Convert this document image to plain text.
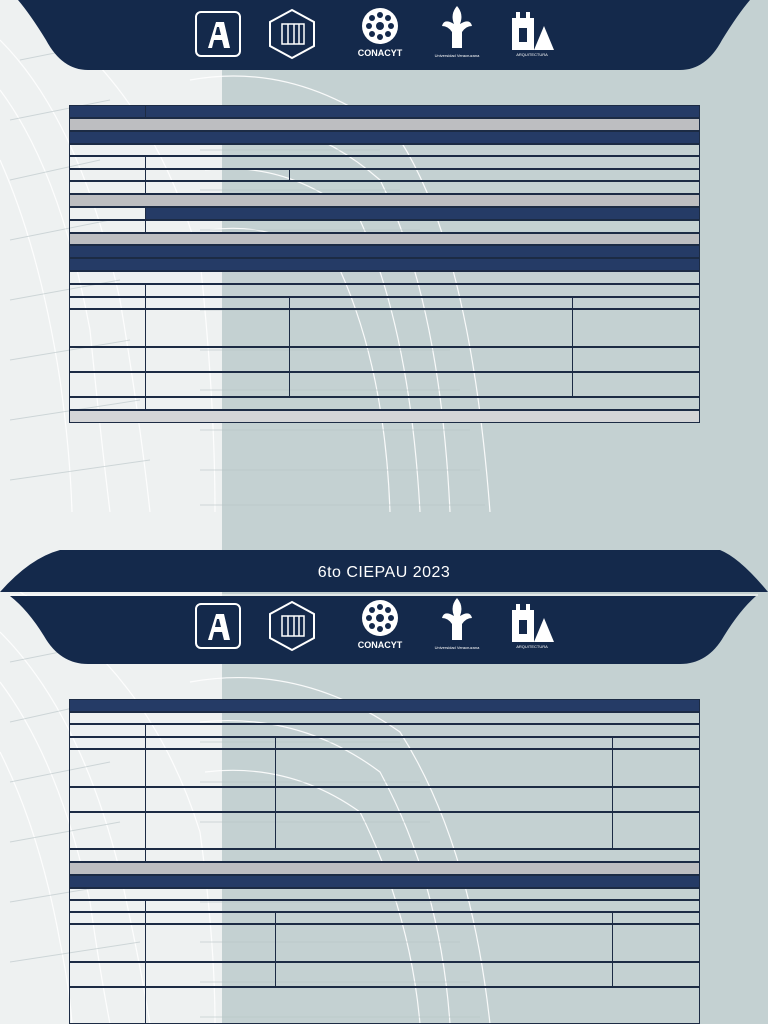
CONACYT	Universidad Veracruzana	ARQUITECTURA
6to CIEPAU 2023
CONACYT	Universidad Veracruzana	ARQUITECTURA
